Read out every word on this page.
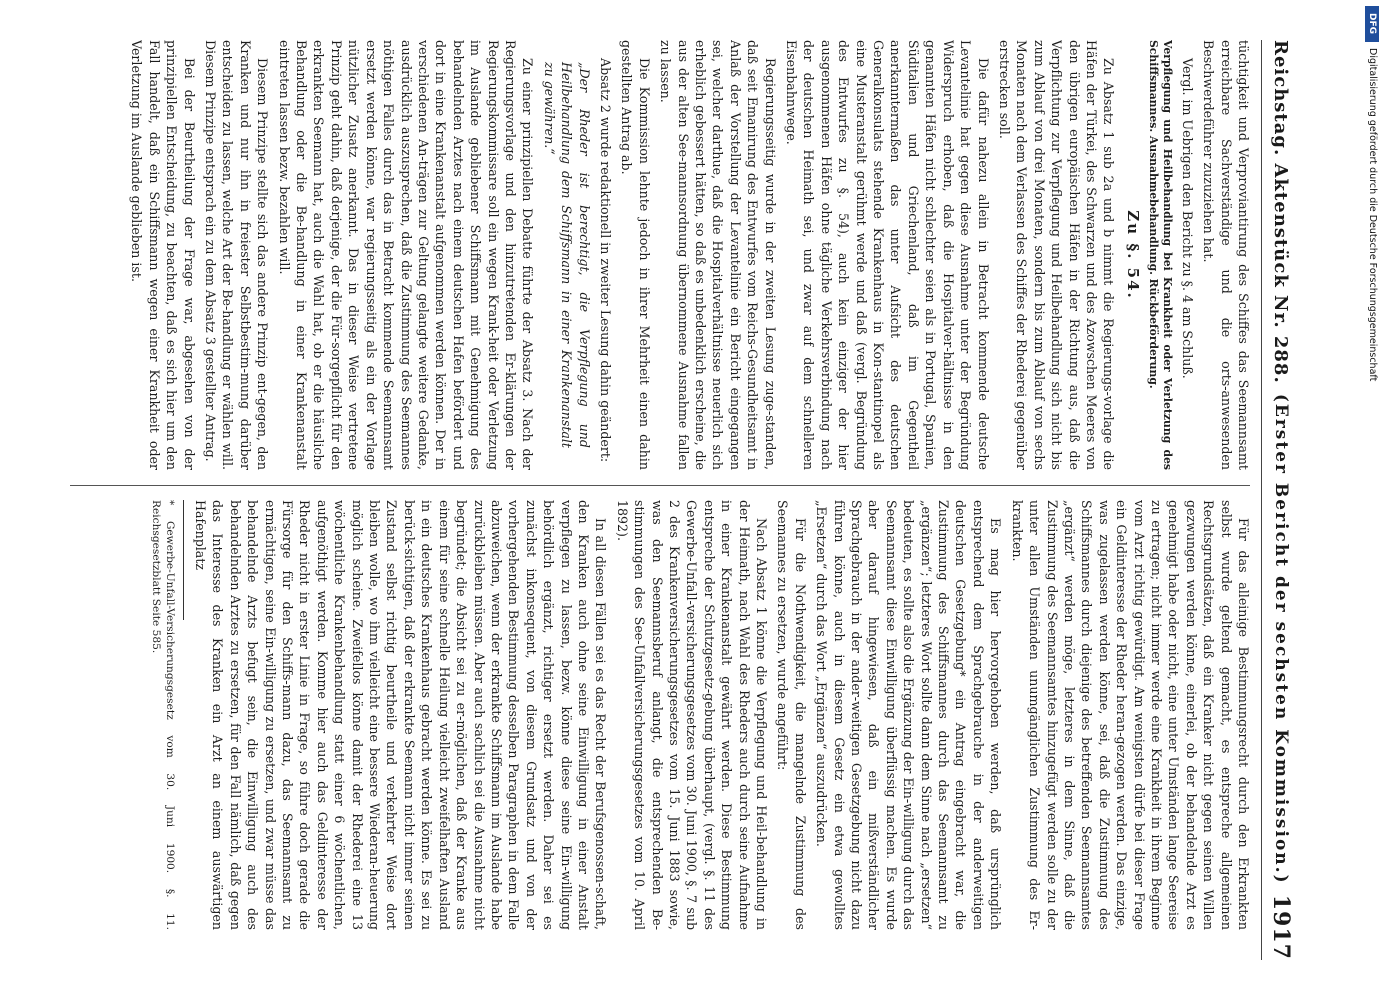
Reichstag. Aktenstück Nr. 288.
(Erster Bericht der sechsten Kommission.)
1917

tüchtigkeit und Verproviantirung des Schiffes das Seemannsamt erreichbare Sachverständige und die orts-anwesenden Beschwerdeführer zuzuziehen hat.

Vergl. im Uebrigen den Bericht zu §. 4 am Schluß.

Verpflegung und Heilbehandlung bei Krankheit oder Verletzung des Schiffsmannes. Ausnahmebehandlung. Rückbeförderung.

Zu §. 54.

Zu Absatz 1 sub 2a und b nimmt die Regierungs-vorlage die Häfen der Türkei, des Schwarzen und des Azowschen Meeres von den übrigen europäischen Häfen in der Richtung aus, daß die Verpflichtung zur Verpflegung und Heilbehandlung sich nicht bis zum Ablauf von drei Monaten, sondern bis zum Ablauf von sechs Monaten nach dem Verlassen des Schiffes der Rhederei gegenüber erstrecken soll.

Die dafür nahezu allein in Betracht kommende deutsche Levantelinie hat gegen diese Ausnahme unter der Begründung Widerspruch erhoben, daß die Hospitalver-hältnisse in den genannten Häfen nicht schlechter seien als in Portugal, Spanien, Süditalien und Griechenland, daß im Gegentheil anerkanntermaßen das unter Aufsicht des deutschen Generalkonsulats stehende Krankenhaus in Kon-stantinopel als eine Musteranstalt gerühmt werde und daß (vergl. Begründung des Entwurfes zu §. 54), auch kein einziger der hier ausgenommenen Häfen ohne tägliche Verkehrsverbindung nach der deutschen Heimath sei, und zwar auf dem schnelleren Eisenbahnwege.

Regierungsseitig wurde in der zweiten Lesung zuge-standen, daß seit Emanirung des Entwurfes vom Reichs-Gesundheitsamt in Anlaß der Vorstellung der Levantelinie ein Bericht eingegangen sei, welcher darthue, daß die Hospitalverhältnisse neuerlich sich erheblich gebessert hätten, so daß es unbedenklich erscheine, die aus der alten See-mannsordnung übernommene Ausnahme fallen zu lassen.

Die Kommission lehnte jedoch in ihrer Mehrheit einen dahin gestellten Antrag ab.

Absatz 2 wurde redaktionell in zweiter Lesung dahin geändert:

„Der Rheder ist berechtigt, die Verpflegung und Heilbehandlung dem Schiffsmann in einer Krankenanstalt zu gewähren.“

Zu einer prinzipiellen Debatte führte der Absatz 3. Nach der Regierungsvorlage und den hinzutretenden Er-klärungen der Regierungskommissare soll ein wegen Krank-heit oder Verletzung im Auslande gebliebener Schiffsmann mit Genehmigung des behandelnden Arztes nach einem deutschen Hafen befördert und dort in eine Krankenanstalt aufgenommen werden können. Der in verschiedenen An-trägen zur Geltung gelangte weitere Gedanke, ausdrücklich auszusprechen, daß die Zustimmung des Seemannes nöthigen Falles durch das in Betracht kommende Seemannsamt ersetzt werden könne, war regierungsseitig als ein der Vorlage nützlicher Zusatz anerkannt. Das in dieser Weise vertretene Prinzip geht dahin, daß derjenige, der die Für-sorgepflicht für den erkrankten Seemann hat, auch die Wahl hat, ob er die häusliche Behandlung oder die Be-handlung in einer Krankenanstalt eintreten lassen bezw. bezahlen will.

Diesem Prinzipe stellte sich das andere Prinzip ent-gegen, den Kranken und nur ihn in freiester Selbstbestim-mung darüber entscheiden zu lassen, welche Art der Be-handlung er wählen will. Diesem Prinzipe entsprach ein zu dem Absatz 3 gestellter Antrag.

Bei der Beurtheilung der Frage war, abgesehen von der prinzipiellen Entscheidung, zu beachten, daß es sich hier um den Fall handelt, daß ein Schiffsmann wegen einer Krankheit oder Verletzung im Auslande geblieben ist.

Für das alleinige Bestimmungsrecht durch den Erkrankten selbst wurde geltend gemacht, es entspreche allgemeinen Rechtsgrundsätzen, daß ein Kranker nicht gegen seinen Willen gezwungen werden könne, einerlei, ob der behandelnde Arzt es genehmigt habe oder nicht, eine unter Umständen lange Seereise zu ertragen; nicht immer werde eine Krankheit in ihrem Beginne vom Arzt richtig gewürdigt. Am wenigsten dürfe bei dieser Frage ein Geldinteresse der Rheder heran-gezogen werden. Das einzige, was zugelassen werden könne, sei, daß die Zustimmung des Schiffsmannes durch diejenige des betreffenden Seemannsamtes „ergänzt“ werden möge, letzteres in dem Sinne, daß die Zustimmung des Seemannsamtes hinzugefügt werden solle zu der unter allen Umständen unumgänglichen Zustimmung des Er-krankten.

Es mag hier hervorgehoben werden, daß ursprünglich entsprechend dem Sprachgebrauche in der anderweitigen deutschen Gesetzgebung* ein Antrag eingebracht war, die Zustimmung des Schiffsmannes durch das Seemannsamt zu „ergänzen“; letzteres Wort sollte dann dem Sinne nach „ersetzen“ bedeuten, es sollte also die Ergänzung der Ein-willigung durch das Seemannsamt diese Einwilligung überflüssig machen. Es wurde aber darauf hingewiesen, daß ein mißverständlicher Sprachgebrauch in der ander-weitigen Gesetzgebung nicht dazu führen könne, auch in diesem Gesetz ein etwa gewolltes „Ersetzen“ durch das Wort „Ergänzen“ auszudrücken.

Für die Nothwendigkeit, die mangelnde Zustimmung des Seemannes zu ersetzen, wurde angeführt:

Nach Absatz 1 könne die Verpflegung und Heil-behandlung in der Heimath, nach Wahl des Rheders auch durch seine Aufnahme in einer Krankenanstalt gewährt werden. Diese Bestimmung entspreche der Schutzgesetz-gebung überhaupt, (vergl. §. 11 des Gewerbe-Unfall-versicherungsgesetzes vom 30. Juni 1900, §. 7 sub 2 des Krankenversicherungsgesetzes vom 15. Juni 1883 sowie, was den Seemannsberuf anlangt, die entsprechenden Be-stimmungen des See-Unfallversicherungsgesetzes vom 10. April 1892).

In all diesen Fällen sei es das Recht der Berufsgenossen-schaft, den Kranken auch ohne seine Einwilligung in einer Anstalt verpflegen zu lassen, bezw. könne diese seine Ein-willigung behördlich ergänzt, richtiger ersetzt werden. Daher sei es zunächst inkonsequent, von diesem Grundsatz und von der vorhergehenden Bestimmung desselben Paragraphen in dem Falle abzuweichen, wenn der erkrankte Schiffsmann im Auslande habe zurückbleiben müssen. Aber auch sachlich sei die Ausnahme nicht begründet; die Absicht sei zu er-möglichen, daß der Kranke aus einem für seine schnelle Heilung vielleicht zweifelhaften Ausland in ein deutsches Krankenhaus gebracht werden könne. Es sei zu berück-sichtigen, daß der erkrankte Seemann nicht immer seinen Zustand selbst richtig beurtheile und verkehrter Weise dort bleiben wolle, wo ihm vielleicht eine bessere Wiederan-heuerung möglich scheine. Zweifellos könne damit der Rhederei eine 13 wöchentliche Krankenbehandlung statt einer 6 wöchentlichen, aufgenöthigt werden. Komme hier auch das Geldinteresse der Rheder nicht in erster Linie in Frage, so führe doch gerade die Fürsorge für den Schiffs-mann dazu, das Seemannsamt zu ermächtigen, seine Ein-willigung zu ersetzen, und zwar müsse das behandelnde Arzts befugt sein, die Einwilligung auch des behandelnden Arztes zu ersetzen, für den Fall nämlich, daß gegen das Interesse des Kranken ein Arzt an einem auswärtigen Hafenplatz

* Gewerbe-Unfall-Versicherungsgesetz vom 30. Juni 1900. §. 11. Reichsgesetzblatt Seite 585.

DFG
Digitalisierung gefördert durch die Deutsche Forschungsgemeinschaft
